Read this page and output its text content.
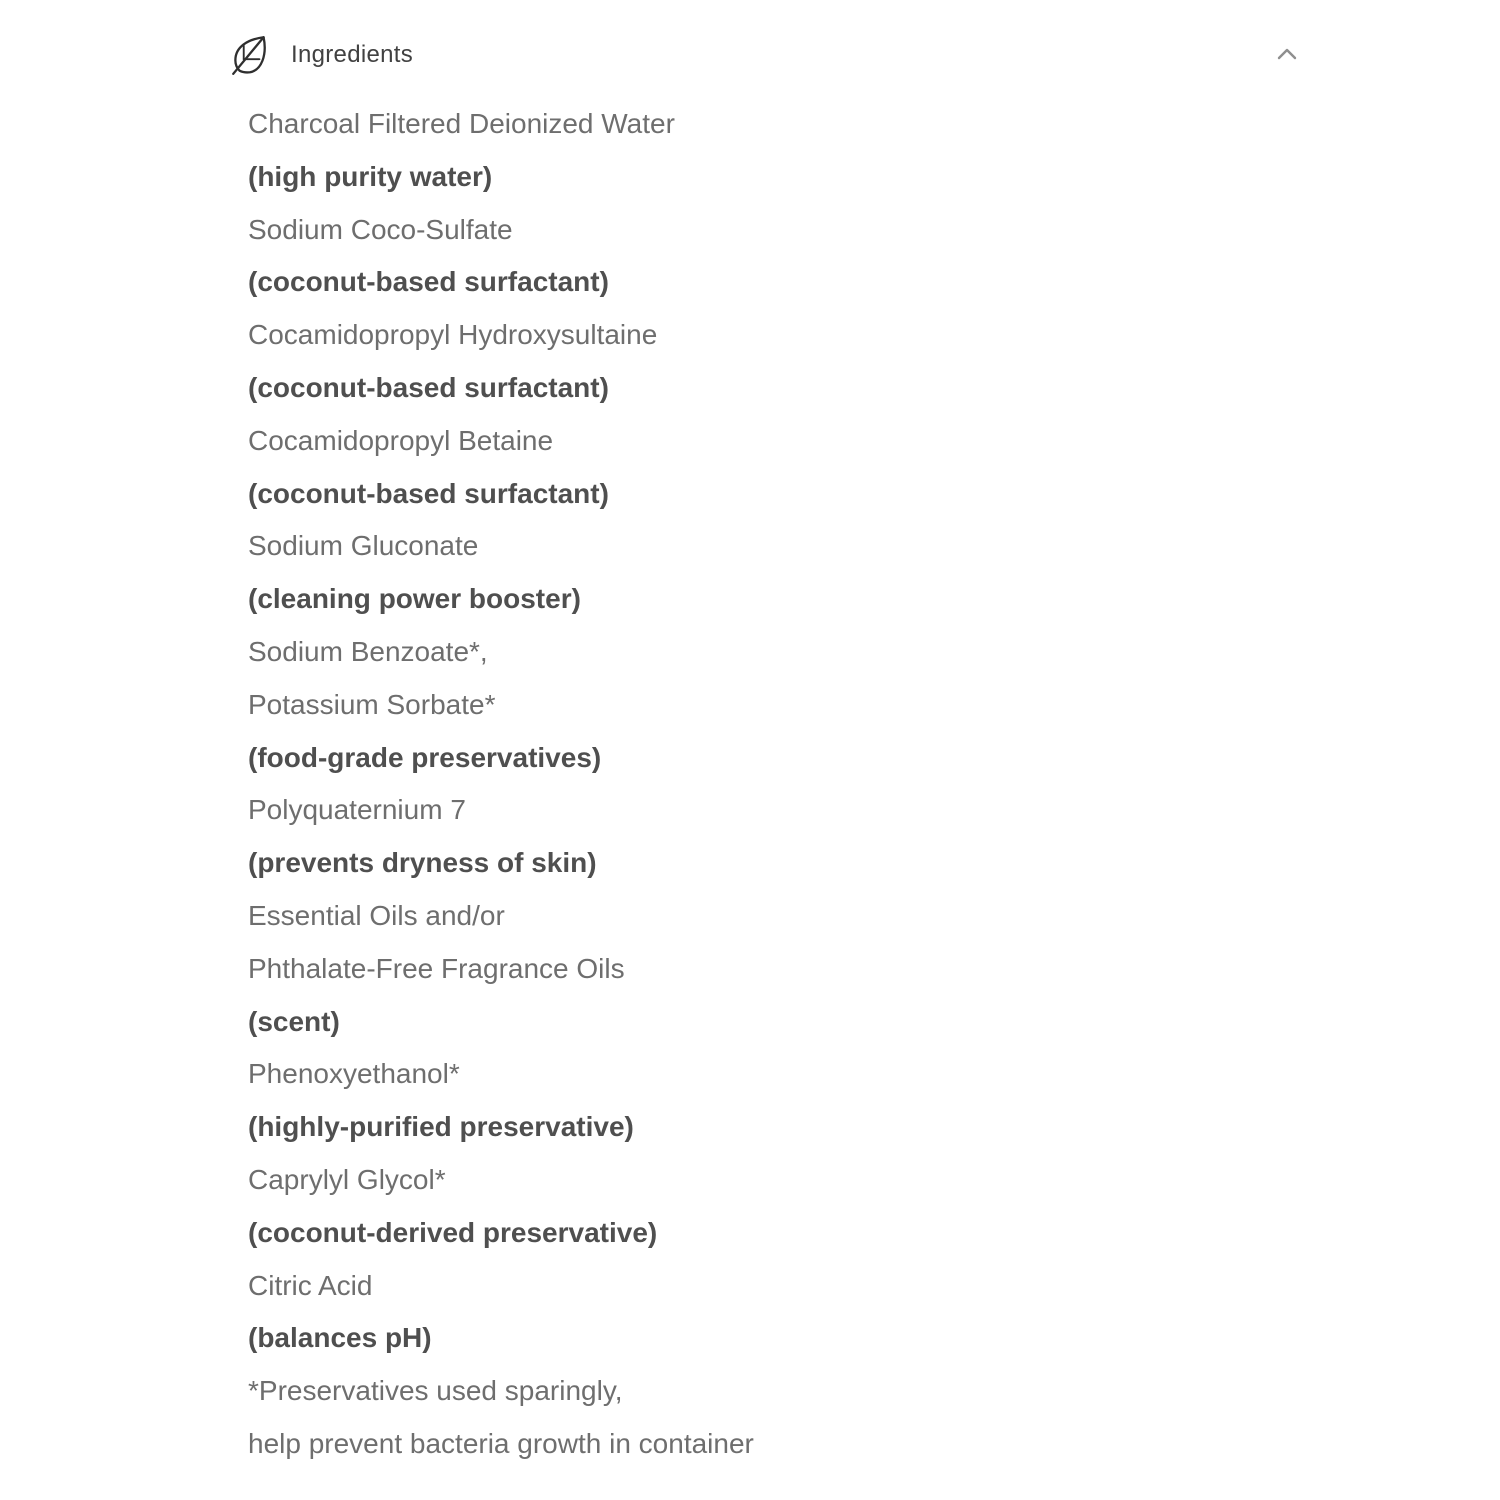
Ingredients
Charcoal Filtered Deionized Water
(high purity water)
Sodium Coco-Sulfate
(coconut-based surfactant)
Cocamidopropyl Hydroxysultaine
(coconut-based surfactant)
Cocamidopropyl Betaine
(coconut-based surfactant)
Sodium Gluconate
(cleaning power booster)
Sodium Benzoate*,
Potassium Sorbate*
(food-grade preservatives)
Polyquaternium 7
(prevents dryness of skin)
Essential Oils and/or
Phthalate-Free Fragrance Oils
(scent)
Phenoxyethanol*
(highly-purified preservative)
Caprylyl Glycol*
(coconut-derived preservative)
Citric Acid
(balances pH)
*Preservatives used sparingly,
help prevent bacteria growth in container
